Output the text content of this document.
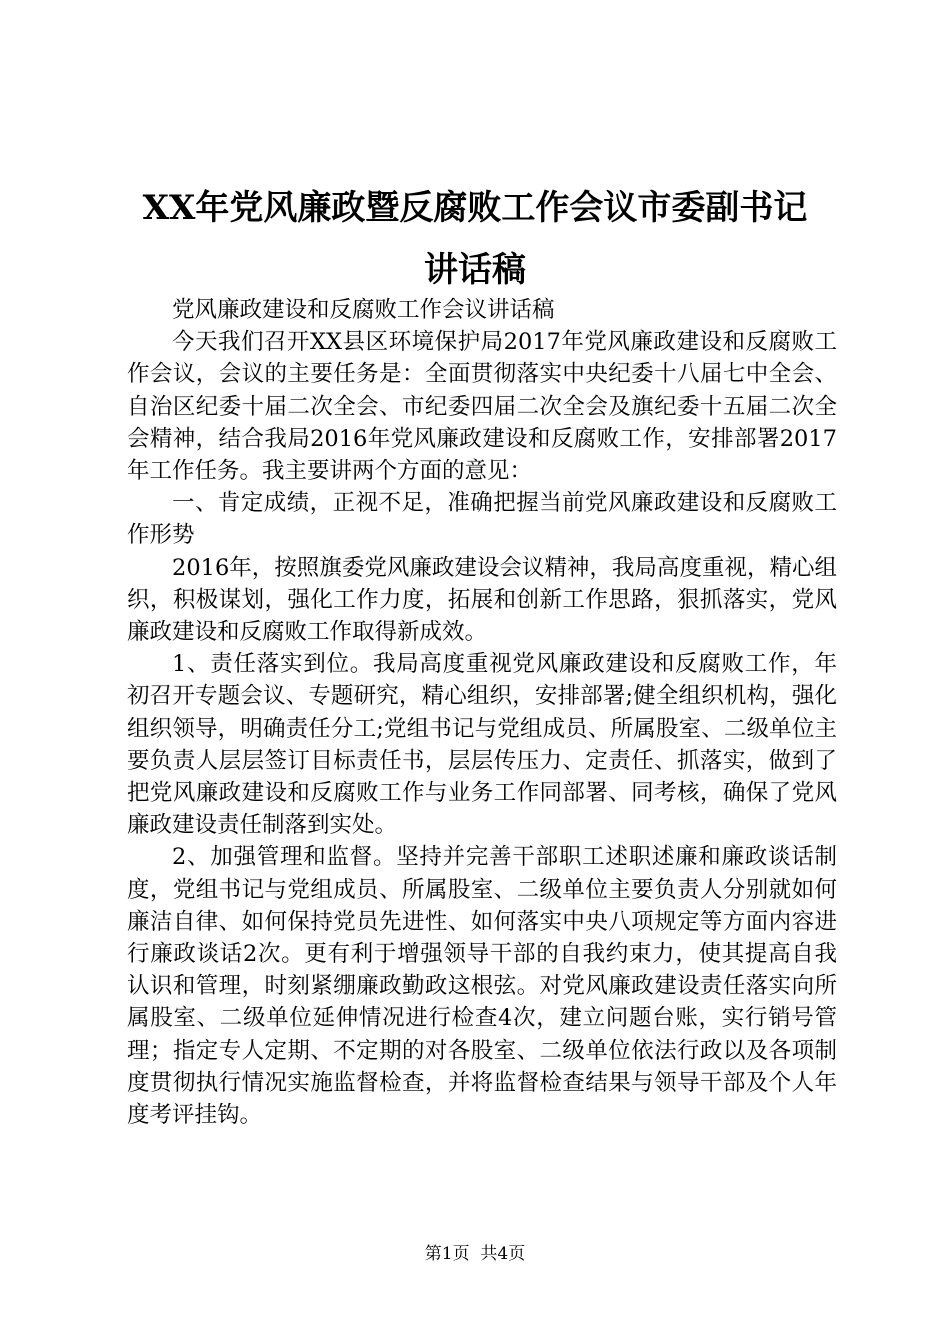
XX年党风廉政暨反腐败工作会议市委副书记
讲话稿

党风廉政建设和反腐败工作会议讲话稿

今天我们召开XX县区环境保护局2017年党风廉政建设和反腐败工作会议，会议的主要任务是：全面贯彻落实中央纪委十八届七中全会、自治区纪委十届二次全会、市纪委四届二次全会及旗纪委十五届二次全会精神，结合我局2016年党风廉政建设和反腐败工作，安排部署2017年工作任务。我主要讲两个方面的意见：

一、肯定成绩，正视不足，准确把握当前党风廉政建设和反腐败工作形势

2016年，按照旗委党风廉政建设会议精神，我局高度重视，精心组织，积极谋划，强化工作力度，拓展和创新工作思路，狠抓落实，党风廉政建设和反腐败工作取得新成效。

1、责任落实到位。我局高度重视党风廉政建设和反腐败工作，年初召开专题会议、专题研究，精心组织，安排部署;健全组织机构，强化组织领导，明确责任分工;党组书记与党组成员、所属股室、二级单位主要负责人层层签订目标责任书，层层传压力、定责任、抓落实，做到了把党风廉政建设和反腐败工作与业务工作同部署、同考核，确保了党风廉政建设责任制落到实处。

2、加强管理和监督。坚持并完善干部职工述职述廉和廉政谈话制度，党组书记与党组成员、所属股室、二级单位主要负责人分别就如何廉洁自律、如何保持党员先进性、如何落实中央八项规定等方面内容进行廉政谈话2次。更有利于增强领导干部的自我约束力，使其提高自我认识和管理，时刻紧绷廉政勤政这根弦。对党风廉政建设责任落实向所属股室、二级单位延伸情况进行检查4次，建立问题台账，实行销号管理；指定专人定期、不定期的对各股室、二级单位依法行政以及各项制度贯彻执行情况实施监督检查，并将监督检查结果与领导干部及个人年度考评挂钩。

第1页  共4页
